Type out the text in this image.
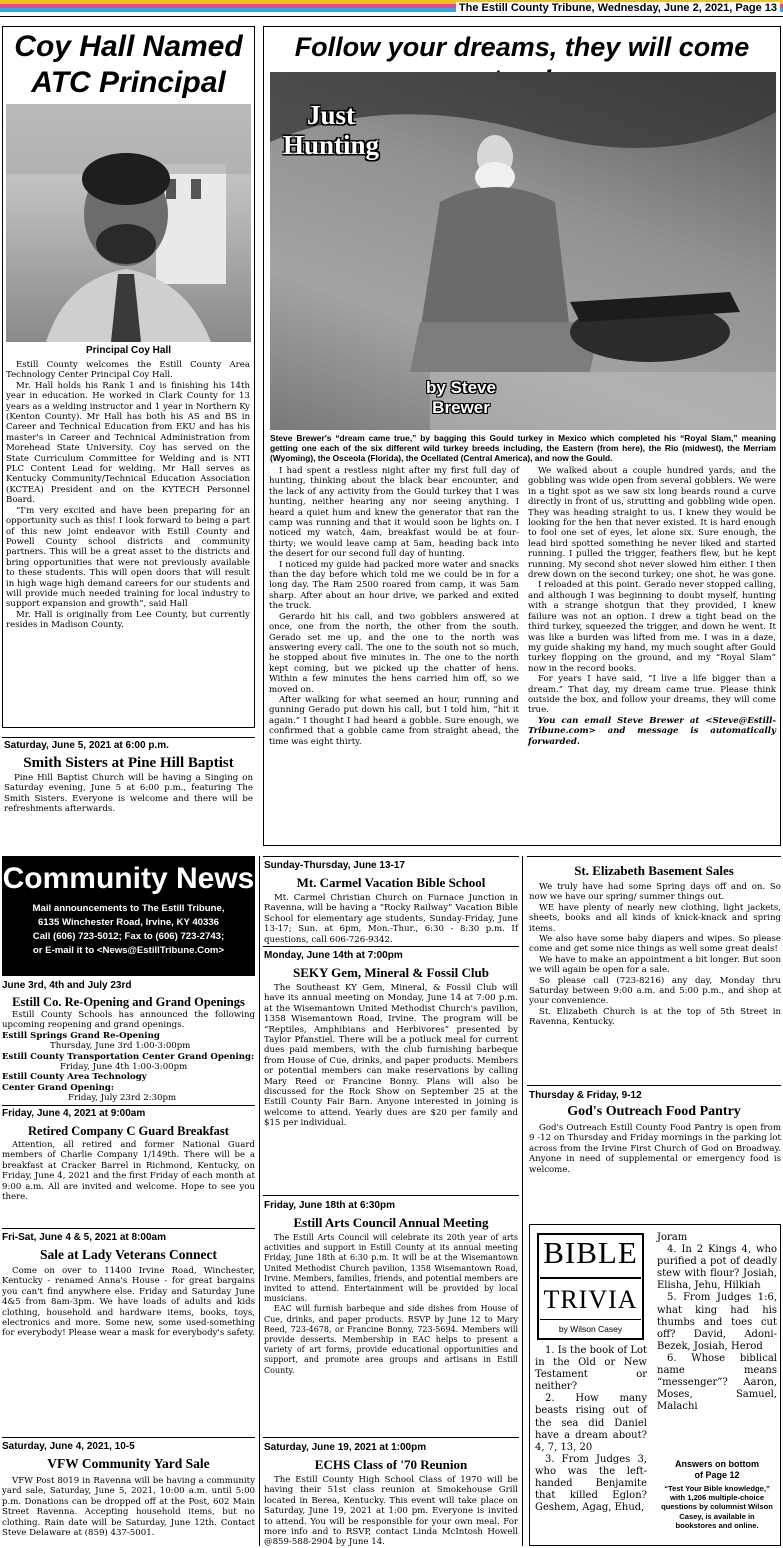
The Estill County Tribune, Wednesday, June 2, 2021, Page 13
Coy Hall Named
ATC Principal
Principal Coy Hall

Estill County welcomes the Estill County Area Technology Center Principal Coy Hall.

Mr. Hall holds his Rank 1 and is finishing his 14th year in education. He worked in Clark County for 13 years as a welding instructor and 1 year in Northern Ky (Kenton County). Mr Hall has both his AS and BS in Career and Technical Education from EKU and has his master's in Career and Technical Administration from Morehead State University. Coy has served on the State Curriculum Committee for Welding and is NTI PLC Content Lead for welding. Mr Hall serves as Kentucky Community/Technical Education Association (KCTEA) President and on the KYTECH Personnel Board.

“I'm very excited and have been preparing for an opportunity such as this! I look forward to being a part of this new joint endeavor with Estill County and Powell County school districts and community partners. This will be a great asset to the districts and bring opportunities that were not previously available to these students. This will open doors that will result in high wage high demand careers for our students and will provide much needed training for local industry to support expansion and growth”, said Hall

Mr. Hall is originally from Lee County, but currently resides in Madison County.

Follow your dreams, they will come
Just Hunting
by Steve Brewer
Steve Brewer's “dream came true,” by bagging this Gould turkey in Mexico which completed his “Royal Slam,” meaning getting one each of the six different wild turkey breeds including, the Eastern (from here), the Rio (midwest), the Merriam (Wyoming), the Osceola (Florida), the Ocellated (Central America), and now the Gould.

I had spent a restless night after my first full day of hunting, thinking about the black bear encounter, and the lack of any activity from the Gould turkey that I was hunting, neither hearing any nor seeing anything. I heard a quiet hum and knew the generator that ran the camp was running and that it would soon be lights on. I noticed my watch, 4am, breakfast would be at four-thirty; we would leave camp at 5am, heading back into the desert for our second full day of hunting.

I noticed my guide had packed more water and snacks than the day before which told me we could be in for a long day. The Ram 2500 roared from camp, it was 5am sharp. After about an hour drive, we parked and exited the truck.

Gerardo hit his call, and two gobblers answered at once, one from the north, the other from the south. Gerado set me up, and the one to the north was answering every call. The one to the south not so much, he stopped about five minutes in. The one to the north kept coming, but we picked up the chatter of hens. Within a few minutes the hens carried him off, so we moved on.

After walking for what seemed an hour, running and gunning Gerado put down his call, but I told him, “hit it again.” I thought I had heard a gobble. Sure enough, we confirmed that a gobble came from straight ahead, the time was eight thirty.

We walked about a couple hundred yards, and the gobbling was wide open from several gobblers. We were in a tight spot as we saw six long beards round a curve directly in front of us, strutting and gobbling wide open. They was heading straight to us. I knew they would be looking for the hen that never existed. It is hard enough to fool one set of eyes, let alone six. Sure enough, the lead bird spotted something he never liked and started running. I pulled the trigger, feathers flew, but he kept running. My second shot never slowed him either. I then drew down on the second turkey; one shot, he was gone.

I reloaded at this point. Gerado never stopped calling, and although I was beginning to doubt myself, hunting with a strange shotgun that they provided, I knew failure was not an option. I drew a tight bead on the third turkey, squeezed the trigger, and down he went. It was like a burden was lifted from me. I was in a daze, my guide shaking my hand, my much sought after Gould turkey flopping on the ground, and my “Royal Slam” now in the record books.

For years I have said, “I live a life bigger than a dream.” That day, my dream came true. Please think outside the box, and follow your dreams, they will come true.

You can email Steve Brewer at <Steve@Estill-Tribune.com> and message is automatically forwarded.

Saturday, June 5, 2021 at 6:00 p.m.
Smith Sisters at Pine Hill Baptist
Pine Hill Baptist Church will be having a Singing on Saturday evening, June 5 at 6:00 p.m., featuring The Smith Sisters. Everyone is welcome and there will be refreshments afterwards.
Community News
Mail announcements to The Estill Tribune,
6135 Winchester Road, Irvine, KY 40336
Call (606) 723-5012; Fax to (606) 723-2743;
or E-mail it to <News@EstillTribune.Com>
June 3rd, 4th and July 23rd
Estill Co. Re-Opening and Grand Openings

Estill County Schools has announced the following upcoming reopening and grand openings.

Estill Springs Grand Re-Opening

Thursday, June 3rd 1:00-3:00pm

Estill County Transportation Center Grand Opening:

Friday, June 4th 1:00-3:00pm

Estill County Area Technology

Center Grand Opening:

Friday, July 23rd 2:30pm

Friday, June 4, 2021 at 9:00am
Retired Company C Guard Breakfast
Attention, all retired and former National Guard members of Charlie Company 1/149th. There will be a breakfast at Cracker Barrel in Richmond, Kentucky, on Friday, June 4, 2021 and the first Friday of each month at 9:00 a.m. All are invited and welcome. Hope to see you there.
Fri-Sat, June 4 & 5, 2021 at 8:00am
Sale at Lady Veterans Connect
Come on over to 11400 Irvine Road, Winchester, Kentucky - renamed Anna's House - for great bargains you can't find anywhere else. Friday and Saturday June 4&5 from 8am-3pm. We have loads of adults and kids clothing, household and hardware items, books, toys, electronics and more. Some new, some used-something for everybody! Please wear a mask for everybody's safety.
Saturday, June 4, 2021, 10-5
VFW Community Yard Sale
VFW Post 8019 in Ravenna will be having a community yard sale, Saturday, June 5, 2021, 10:00 a.m. until 5:00 p.m. Donations can be dropped off at the Post, 602 Main Street Ravenna. Accepting household items, but no clothing. Rain date will be Saturday, June 12th. Contact Steve Delaware at (859) 437-5001.
Sunday-Thursday, June 13-17
Mt. Carmel Vacation Bible School
Mt. Carmel Christian Church on Furnace Junction in Ravenna, will be having a “Rocky Railway” Vacation Bible School for elementary age students, Sunday-Friday, June 13-17; Sun. at 6pm, Mon.-Thur., 6:30 - 8:30 p.m. If questions, call 606-726-9342.
Monday, June 14th at 7:00pm
SEKY Gem, Mineral & Fossil Club
The Southeast KY Gem, Mineral, & Fossil Club will have its annual meeting on Monday, June 14 at 7:00 p.m. at the Wisemantown United Methodist Church's pavilion, 1358 Wisemantown Road, Irvine. The program will be “Reptiles, Amphibians and Herbivores” presented by Taylor Pfanstiel. There will be a potluck meal for current dues paid members, with the club furnishing barbeque from House of Cue, drinks, and paper products. Members or potential members can make reservations by calling Mary Reed or Francine Bonny. Plans will also be discussed for the Rock Show on September 25 at the Estill County Fair Barn. Anyone interested in joining is welcome to attend. Yearly dues are $20 per family and $15 per individual.
Friday, June 18th at 6:30pm
Estill Arts Council Annual Meeting

The Estill Arts Council will celebrate its 20th year of arts activities and support in Estill County at its annual meeting Friday, June 18th at 6:30 p.m. It will be at the Wisemantown United Methodist Church pavilion, 1358 Wisemantown Road, Irvine. Members, families, friends, and potential members are invited to attend. Entertainment will be provided by local musicians.

EAC will furnish barbeque and side dishes from House of Cue, drinks, and paper products. RSVP by June 12 to Mary Reed, 723-4678, or Francine Bonny, 723-5694. Members will provide desserts. Membership in EAC helps to present a variety of art forms, provide educational opportunities and support, and promote area groups and artisans in Estill County.

Saturday, June 19, 2021 at 1:00pm
ECHS Class of '70 Reunion
The Estill County High School Class of 1970 will be having their 51st class reunion at Smokehouse Grill located in Berea, Kentucky. This event will take place on Saturday, June 19, 2021 at 1:00 pm. Everyone is invited to attend. You will be responsible for your own meal. For more info and to RSVP, contact Linda McIntosh Howell @859-588-2904 by June 14.
St. Elizabeth Basement Sales

We truly have had some Spring days off and on. So now we have our spring/ summer things out.

WE have plenty of nearly new clothing, light jackets, sheets, books and all kinds of knick-knack and spring items.

We also have some baby diapers and wipes. So please come and get some nice things as well some great deals!

We have to make an appointment a bit longer. But soon we will again be open for a sale.

So please call (723-8216) any day, Monday thru Saturday between 9:00 a.m. and 5:00 p.m., and shop at your convenience.

St. Elizabeth Church is at the top of 5th Street in Ravenna, Kentucky.

Thursday & Friday, 9-12
God's Outreach Food Pantry
God's Outreach Estill County Food Pantry is open from 9 -12 on Thursday and Friday mornings in the parking lot across from the Irvine First Church of God on Broadway. Anyone in need of supplemental or emergency food is welcome.
BIBLE
TRIVIA
by Wilson Casey

1. Is the book of Lot in the Old or New Testament or neither?

2. How many beasts rising out of the sea did Daniel have a dream about? 4, 7, 13, 20

3. From Judges 3, who was the left-handed Benjamite that killed Eglon? Geshem, Agag, Ehud,

Joram

4. In 2 Kings 4, who purified a pot of deadly stew with flour? Josiah, Elisha, Jehu, Hilkiah

5. From Judges 1:6, what king had his thumbs and toes cut off? David, Adoni-Bezek, Josiah, Herod

6. Whose biblical name means “messenger”? Aaron, Moses, Samuel, Malachi

Answers on bottom
of Page 12
“Test Your Bible knowledge,” with 1,206 multiple-choice questions by columnist Wilson Casey, is available in bookstores and online.
